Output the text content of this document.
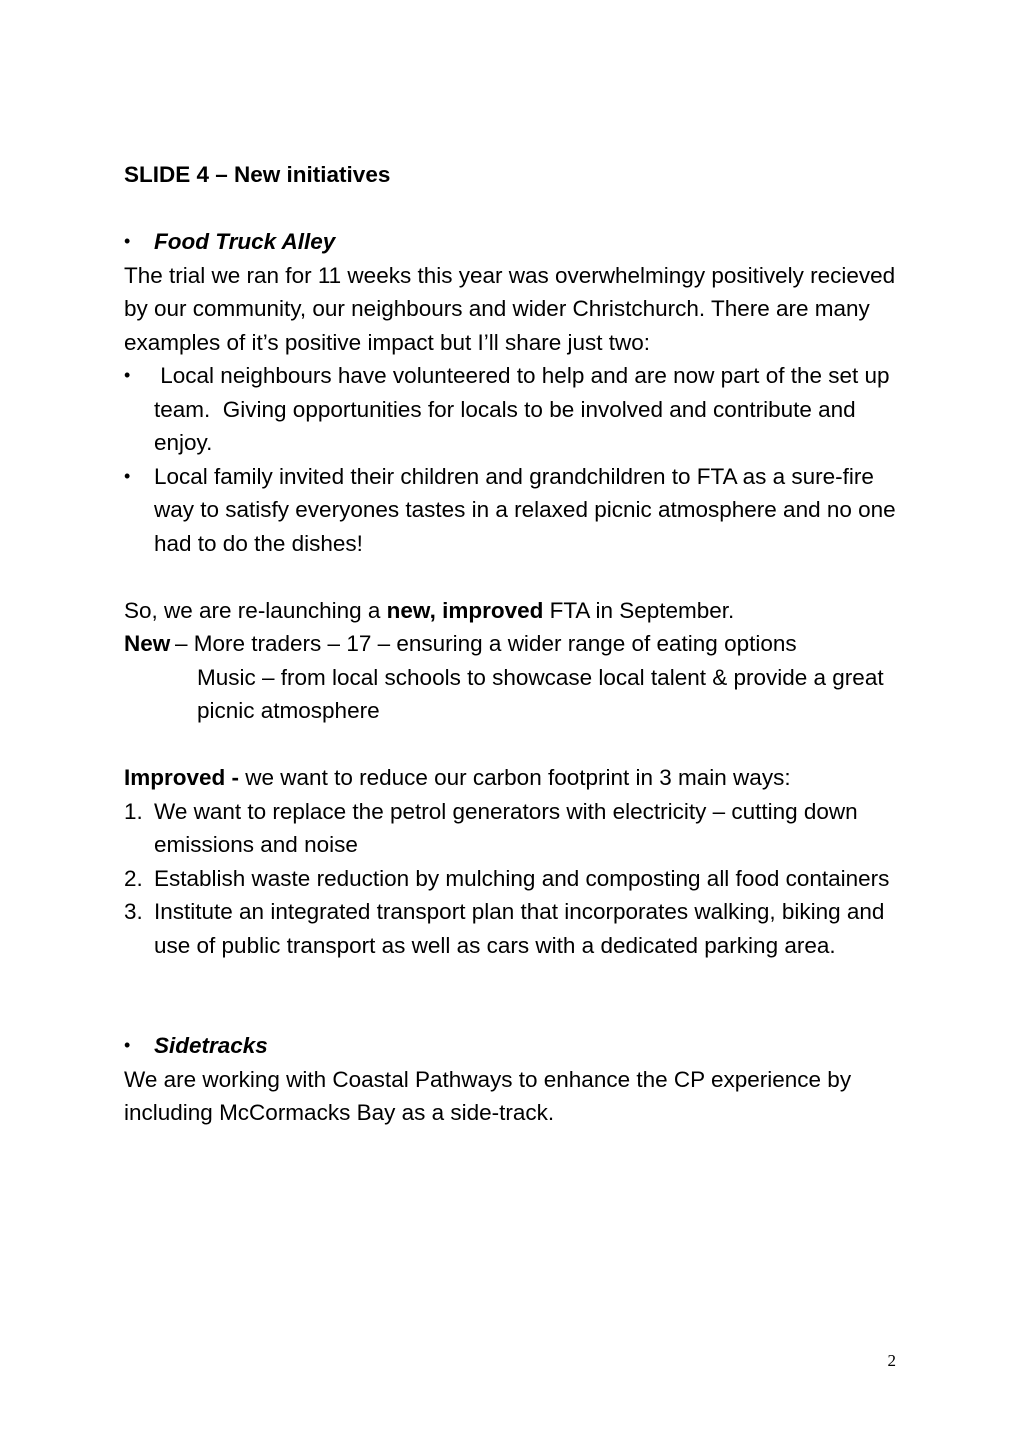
SLIDE 4 – New initiatives
•	Food Truck Alley

The trial we ran for 11 weeks this year was overwhelmingy positively recieved by our community, our neighbours and wider Christchurch. There are many examples of it’s positive impact but I’ll share just two:

•	Local neighbours have volunteered to help and are now part of the set up team.  Giving opportunities for locals to be involved and contribute and enjoy.
•	Local family invited their children and grandchildren to FTA as a sure-fire way to satisfy everyones tastes in a relaxed picnic atmosphere and no one had to do the dishes!

So, we are re-launching a new, improved FTA in September.

New – More traders – 17 – ensuring a wider range of eating options
Music – from local schools to showcase local talent & provide a great picnic atmosphere

Improved - we want to reduce our carbon footprint in 3 main ways:

1. We want to replace the petrol generators with electricity – cutting down emissions and noise
2. Establish waste reduction by mulching and composting all food containers
3. Institute an integrated transport plan that incorporates walking, biking and use of public transport as well as cars with a dedicated parking area.
•	Sidetracks

We are working with Coastal Pathways to enhance the CP experience by including McCormacks Bay as a side-track.

2
